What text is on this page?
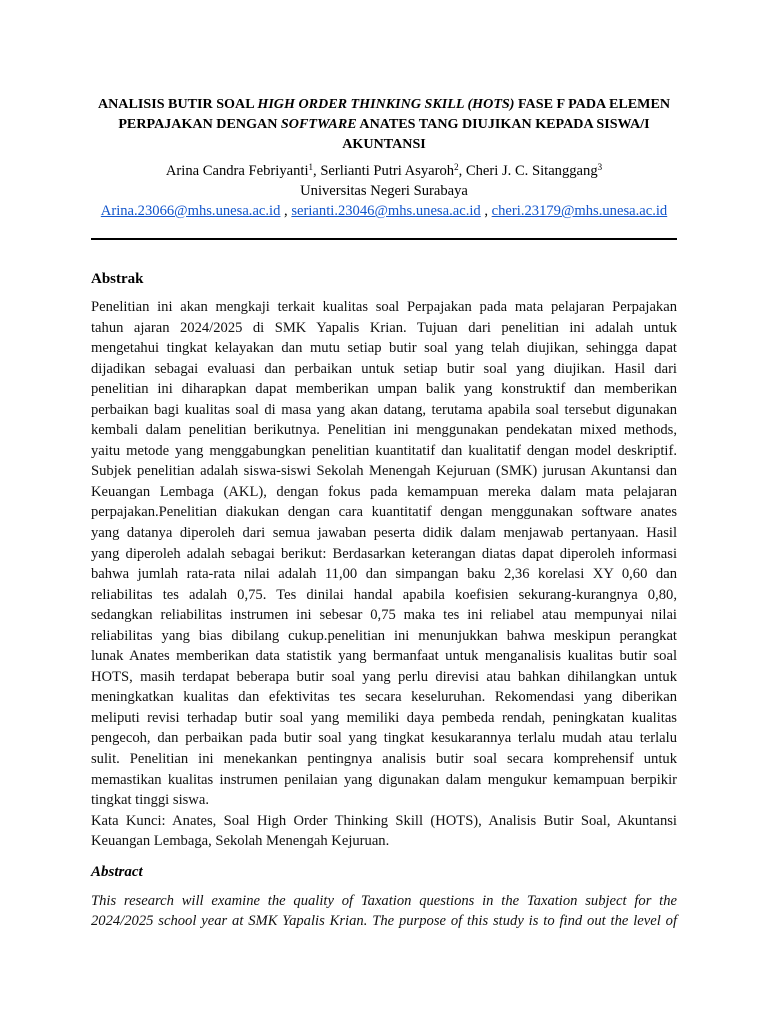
ANALISIS BUTIR SOAL HIGH ORDER THINKING SKILL (HOTS) FASE F PADA ELEMEN PERPAJAKAN DENGAN SOFTWARE ANATES TANG DIUJIKAN KEPADA SISWA/I AKUNTANSI
Arina Candra Febriyanti$^1$, Serlianti Putri Asyaroh$^2$, Cheri J. C. Sitanggang$^3$
Universitas Negeri Surabaya
Arina.23066@mhs.unesa.ac.id , serianti.23046@mhs.unesa.ac.id , cheri.23179@mhs.unesa.ac.id
Abstrak
Penelitian ini akan mengkaji terkait kualitas soal Perpajakan pada mata pelajaran Perpajakan
tahun ajaran 2024/2025 di SMK Yapalis Krian. Tujuan dari penelitian ini adalah untuk
mengetahui tingkat kelayakan dan mutu setiap butir soal yang telah diujikan, sehingga dapat
dijadikan sebagai evaluasi dan perbaikan untuk setiap butir soal yang diujikan. Hasil dari
penelitian ini diharapkan dapat memberikan umpan balik yang konstruktif dan memberikan
perbaikan bagi kualitas soal di masa yang akan datang, terutama apabila soal tersebut digunakan
kembali dalam penelitian berikutnya. Penelitian ini menggunakan pendekatan mixed methods,
yaitu metode yang menggabungkan penelitian kuantitatif dan kualitatif dengan model deskriptif.
Subjek penelitian adalah siswa-siswi Sekolah Menengah Kejuruan (SMK) jurusan Akuntansi dan
Keuangan Lembaga (AKL), dengan fokus pada kemampuan mereka dalam mata pelajaran
perpajakan.Penelitian diakukan dengan cara kuantitatif dengan menggunakan software anates
yang datanya diperoleh dari semua jawaban peserta didik dalam menjawab pertanyaan. Hasil
yang diperoleh adalah sebagai berikut: Berdasarkan keterangan diatas dapat diperoleh informasi
bahwa jumlah rata-rata nilai adalah 11,00 dan simpangan baku 2,36 korelasi XY 0,60 dan
reliabilitas tes adalah 0,75. Tes dinilai handal apabila koefisien sekurang-kurangnya 0,80,
sedangkan reliabilitas instrumen ini sebesar 0,75 maka tes ini reliabel atau mempunyai nilai
reliabilitas yang bias dibilang cukup.penelitian ini menunjukkan bahwa meskipun perangkat
lunak Anates memberikan data statistik yang bermanfaat untuk menganalisis kualitas butir soal
HOTS, masih terdapat beberapa butir soal yang perlu direvisi atau bahkan dihilangkan untuk
meningkatkan kualitas dan efektivitas tes secara keseluruhan. Rekomendasi yang diberikan
meliputi revisi terhadap butir soal yang memiliki daya pembeda rendah, peningkatan kualitas
pengecoh, dan perbaikan pada butir soal yang tingkat kesukarannya terlalu mudah atau terlalu
sulit. Penelitian ini menekankan pentingnya analisis butir soal secara komprehensif untuk
memastikan kualitas instrumen penilaian yang digunakan dalam mengukur kemampuan berpikir
tingkat tinggi siswa.
Kata Kunci: Anates, Soal High Order Thinking Skill (HOTS), Analisis Butir Soal, Akuntansi
Keuangan Lembaga, Sekolah Menengah Kejuruan.
Abstract
This research will examine the quality of Taxation questions in the Taxation subject for the
2024/2025 school year at SMK Yapalis Krian. The purpose of this study is to find out the level of
